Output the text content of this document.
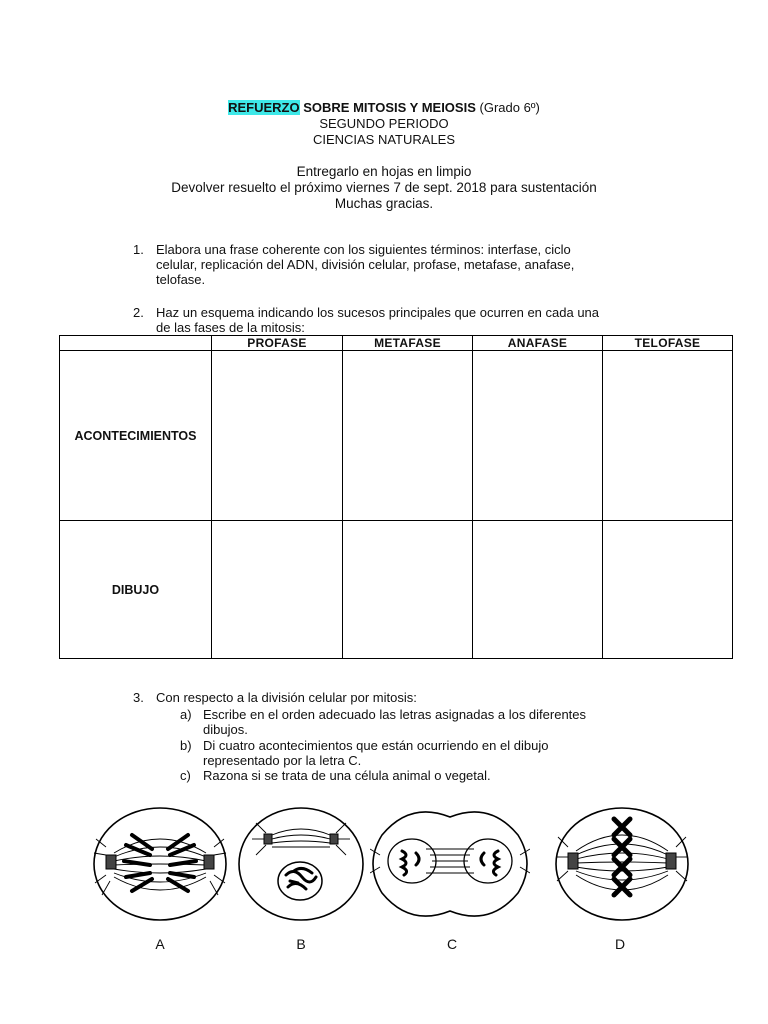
REFUERZO SOBRE MITOSIS Y MEIOSIS (Grado 6º)
SEGUNDO PERIODO
CIENCIAS NATURALES
Entregarlo en hojas en limpio
Devolver resuelto el próximo viernes 7 de sept. 2018 para sustentación
Muchas gracias.
1. Elabora una frase coherente con los siguientes términos: interfase, ciclo
celular, replicación del ADN, división celular, profase, metafase, anafase,
telofase.
2. Haz un esquema indicando los sucesos principales que ocurren en cada una
de las fases de la mitosis:
	PROFASE	METAFASE	ANAFASE	TELOFASE
ACONTECIMIENTOS				
DIBUJO				
3. Con respecto a la división celular por mitosis:
a) Escribe en el orden adecuado las letras asignadas a los diferentes
dibujos.
b) Di cuatro acontecimientos que están ocurriendo en el dibujo
representado por la letra C.
c) Razona si se trata de una célula animal o vegetal.
A	B	C	D
